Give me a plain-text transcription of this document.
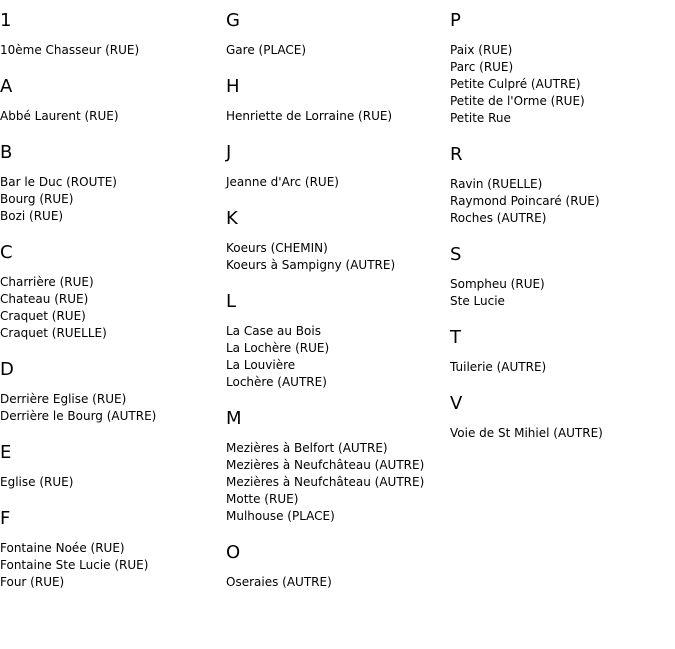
1
10ème Chasseur (RUE)
A
Abbé Laurent (RUE)
B
Bar le Duc (ROUTE)
Bourg (RUE)
Bozi (RUE)
C
Charrière (RUE)
Chateau (RUE)
Craquet (RUE)
Craquet (RUELLE)
D
Derrière Eglise (RUE)
Derrière le Bourg (AUTRE)
E
Eglise (RUE)
F
Fontaine Noée (RUE)
Fontaine Ste Lucie (RUE)
Four (RUE)
G
Gare (PLACE)
H
Henriette de Lorraine (RUE)
J
Jeanne d'Arc (RUE)
K
Koeurs (CHEMIN)
Koeurs à Sampigny (AUTRE)
L
La Case au Bois
La Lochère (RUE)
La Louvière
Lochère (AUTRE)
M
Mezières à Belfort (AUTRE)
Mezières à Neufchâteau (AUTRE)
Mezières à Neufchâteau (AUTRE)
Motte (RUE)
Mulhouse (PLACE)
O
Oseraies (AUTRE)
P
Paix (RUE)
Parc (RUE)
Petite Culpré (AUTRE)
Petite de l'Orme (RUE)
Petite Rue
R
Ravin (RUELLE)
Raymond Poincaré (RUE)
Roches (AUTRE)
S
Sompheu (RUE)
Ste Lucie
T
Tuilerie (AUTRE)
V
Voie de St Mihiel (AUTRE)
